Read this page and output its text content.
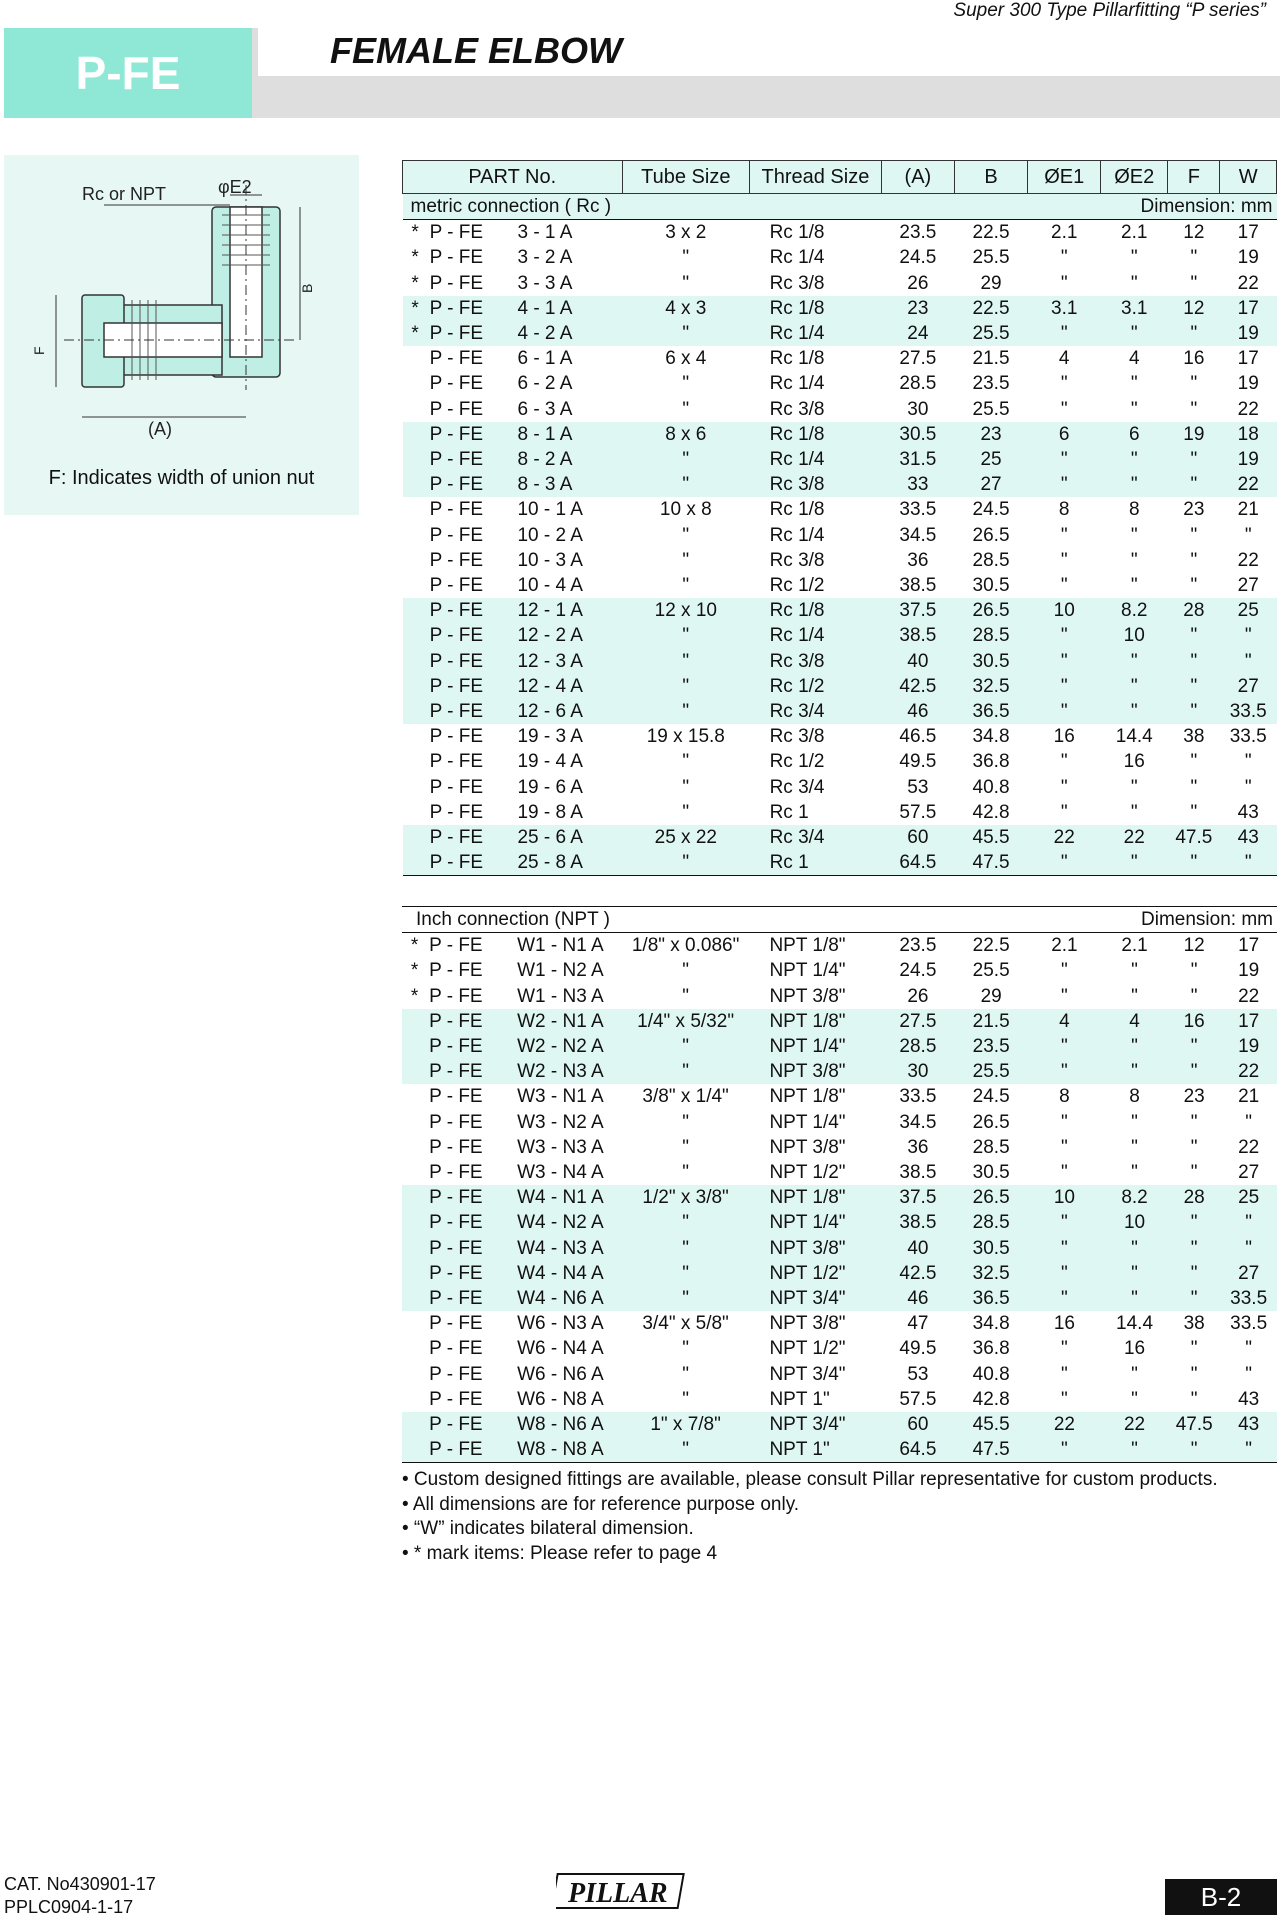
Super 300 Type Pillarfitting “P series”
P-FE	FEMALE ELBOW
Rc or NPT	φE2
F
B
(A)
F: Indicates width of union nut
PART No.			Tube Size	Thread Size	(A)	B	ØE1	ØE2	F	W
metric connection ( Rc )					Dimension: mm					
*	P - FE	3 - 1 A	3 x 2	Rc 1/8	23.5	22.5	2.1	2.1	12	17
*	P - FE	3 - 2 A	"	Rc 1/4	24.5	25.5	"	"	"	19
*	P - FE	3 - 3 A	"	Rc 3/8	26	29	"	"	"	22
*	P - FE	4 - 1 A	4 x 3	Rc 1/8	23	22.5	3.1	3.1	12	17
*	P - FE	4 - 2 A	"	Rc 1/4	24	25.5	"	"	"	19
	P - FE	6 - 1 A	6 x 4	Rc 1/8	27.5	21.5	4	4	16	17
	P - FE	6 - 2 A	"	Rc 1/4	28.5	23.5	"	"	"	19
	P - FE	6 - 3 A	"	Rc 3/8	30	25.5	"	"	"	22
	P - FE	8 - 1 A	8 x 6	Rc 1/8	30.5	23	6	6	19	18
	P - FE	8 - 2 A	"	Rc 1/4	31.5	25	"	"	"	19
	P - FE	8 - 3 A	"	Rc 3/8	33	27	"	"	"	22
	P - FE	10 - 1 A	10 x 8	Rc 1/8	33.5	24.5	8	8	23	21
	P - FE	10 - 2 A	"	Rc 1/4	34.5	26.5	"	"	"	"
	P - FE	10 - 3 A	"	Rc 3/8	36	28.5	"	"	"	22
	P - FE	10 - 4 A	"	Rc 1/2	38.5	30.5	"	"	"	27
	P - FE	12 - 1 A	12 x 10	Rc 1/8	37.5	26.5	10	8.2	28	25
	P - FE	12 - 2 A	"	Rc 1/4	38.5	28.5	"	10	"	"
	P - FE	12 - 3 A	"	Rc 3/8	40	30.5	"	"	"	"
	P - FE	12 - 4 A	"	Rc 1/2	42.5	32.5	"	"	"	27
	P - FE	12 - 6 A	"	Rc 3/4	46	36.5	"	"	"	33.5
	P - FE	19 - 3 A	19 x 15.8	Rc 3/8	46.5	34.8	16	14.4	38	33.5
	P - FE	19 - 4 A	"	Rc 1/2	49.5	36.8	"	16	"	"
	P - FE	19 - 6 A	"	Rc 3/4	53	40.8	"	"	"	"
	P - FE	19 - 8 A	"	Rc 1	57.5	42.8	"	"	"	43
	P - FE	25 - 6 A	25 x 22	Rc 3/4	60	45.5	22	22	47.5	43
	P - FE	25 - 8 A	"	Rc 1	64.5	47.5	"	"	"	"
Inch connection (NPT )					Dimension: mm					
*	P - FE	W1 - N1 A	1/8" x 0.086"	NPT 1/8"	23.5	22.5	2.1	2.1	12	17
*	P - FE	W1 - N2 A	"	NPT 1/4"	24.5	25.5	"	"	"	19
*	P - FE	W1 - N3 A	"	NPT 3/8"	26	29	"	"	"	22
	P - FE	W2 - N1 A	1/4" x 5/32"	NPT 1/8"	27.5	21.5	4	4	16	17
	P - FE	W2 - N2 A	"	NPT 1/4"	28.5	23.5	"	"	"	19
	P - FE	W2 - N3 A	"	NPT 3/8"	30	25.5	"	"	"	22
	P - FE	W3 - N1 A	3/8" x 1/4"	NPT 1/8"	33.5	24.5	8	8	23	21
	P - FE	W3 - N2 A	"	NPT 1/4"	34.5	26.5	"	"	"	"
	P - FE	W3 - N3 A	"	NPT 3/8"	36	28.5	"	"	"	22
	P - FE	W3 - N4 A	"	NPT 1/2"	38.5	30.5	"	"	"	27
	P - FE	W4 - N1 A	1/2" x 3/8"	NPT 1/8"	37.5	26.5	10	8.2	28	25
	P - FE	W4 - N2 A	"	NPT 1/4"	38.5	28.5	"	10	"	"
	P - FE	W4 - N3 A	"	NPT 3/8"	40	30.5	"	"	"	"
	P - FE	W4 - N4 A	"	NPT 1/2"	42.5	32.5	"	"	"	27
	P - FE	W4 - N6 A	"	NPT 3/4"	46	36.5	"	"	"	33.5
	P - FE	W6 - N3 A	3/4" x 5/8"	NPT 3/8"	47	34.8	16	14.4	38	33.5
	P - FE	W6 - N4 A	"	NPT 1/2"	49.5	36.8	"	16	"	"
	P - FE	W6 - N6 A	"	NPT 3/4"	53	40.8	"	"	"	"
	P - FE	W6 - N8 A	"	NPT 1"	57.5	42.8	"	"	"	43
	P - FE	W8 - N6 A	1" x 7/8"	NPT 3/4"	60	45.5	22	22	47.5	43
	P - FE	W8 - N8 A	"	NPT 1"	64.5	47.5	"	"	"	"
• Custom designed fittings are available, please consult Pillar representative for custom products.
• All dimensions are for reference purpose only.
• “W” indicates bilateral dimension.
• * mark items: Please refer to page 4
CAT. No430901-17
PPLC0904-1-17	PILLAR	B-2
